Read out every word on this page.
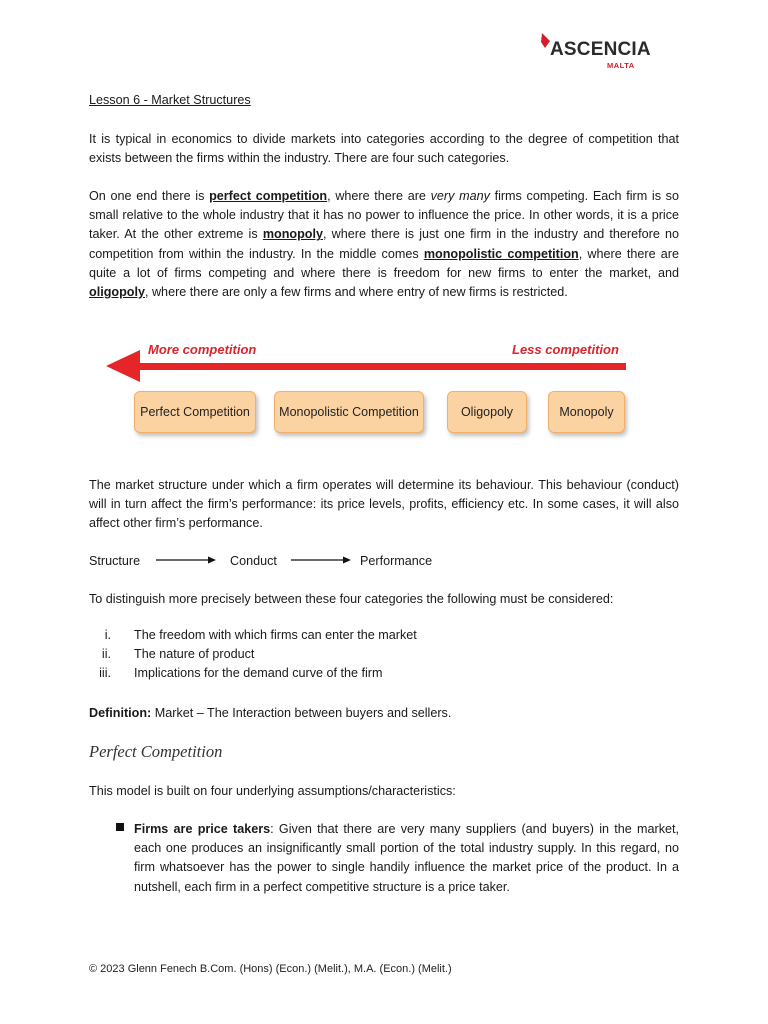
ASCENCIA
MALTA
Lesson 6 - Market Structures

It is typical in economics to divide markets into categories according to the degree of competition that exists between the firms within the industry. There are four such categories.

On one end there is perfect competition, where there are very many firms competing. Each firm is so small relative to the whole industry that it has no power to influence the price. In other words, it is a price taker. At the other extreme is monopoly, where there is just one firm in the industry and therefore no competition from within the industry. In the middle comes monopolistic competition, where there are quite a lot of firms competing and where there is freedom for new firms to enter the market, and oligopoly, where there are only a few firms and where entry of new firms is restricted.

More competition	Less competition
Perfect Competition	Monopolistic Competition	Oligopoly	Monopoly

The market structure under which a firm operates will determine its behaviour. This behaviour (conduct) will in turn affect the firm’s performance: its price levels, profits, efficiency etc. In some cases, it will also affect other firm’s performance.

Structure	Conduct	Performance

To distinguish more precisely between these four categories the following must be considered:

i. The freedom with which firms can enter the market
ii. The nature of product
iii. Implications for the demand curve of the firm

Definition: Market – The Interaction between buyers and sellers.

Perfect Competition

This model is built on four underlying assumptions/characteristics:

Firms are price takers: Given that there are very many suppliers (and buyers) in the market, each one produces an insignificantly small portion of the total industry supply. In this regard, no firm whatsoever has the power to single handily influence the market price of the product. In a nutshell, each firm in a perfect competitive structure is a price taker.

© 2023 Glenn Fenech B.Com. (Hons) (Econ.) (Melit.), M.A. (Econ.) (Melit.)
